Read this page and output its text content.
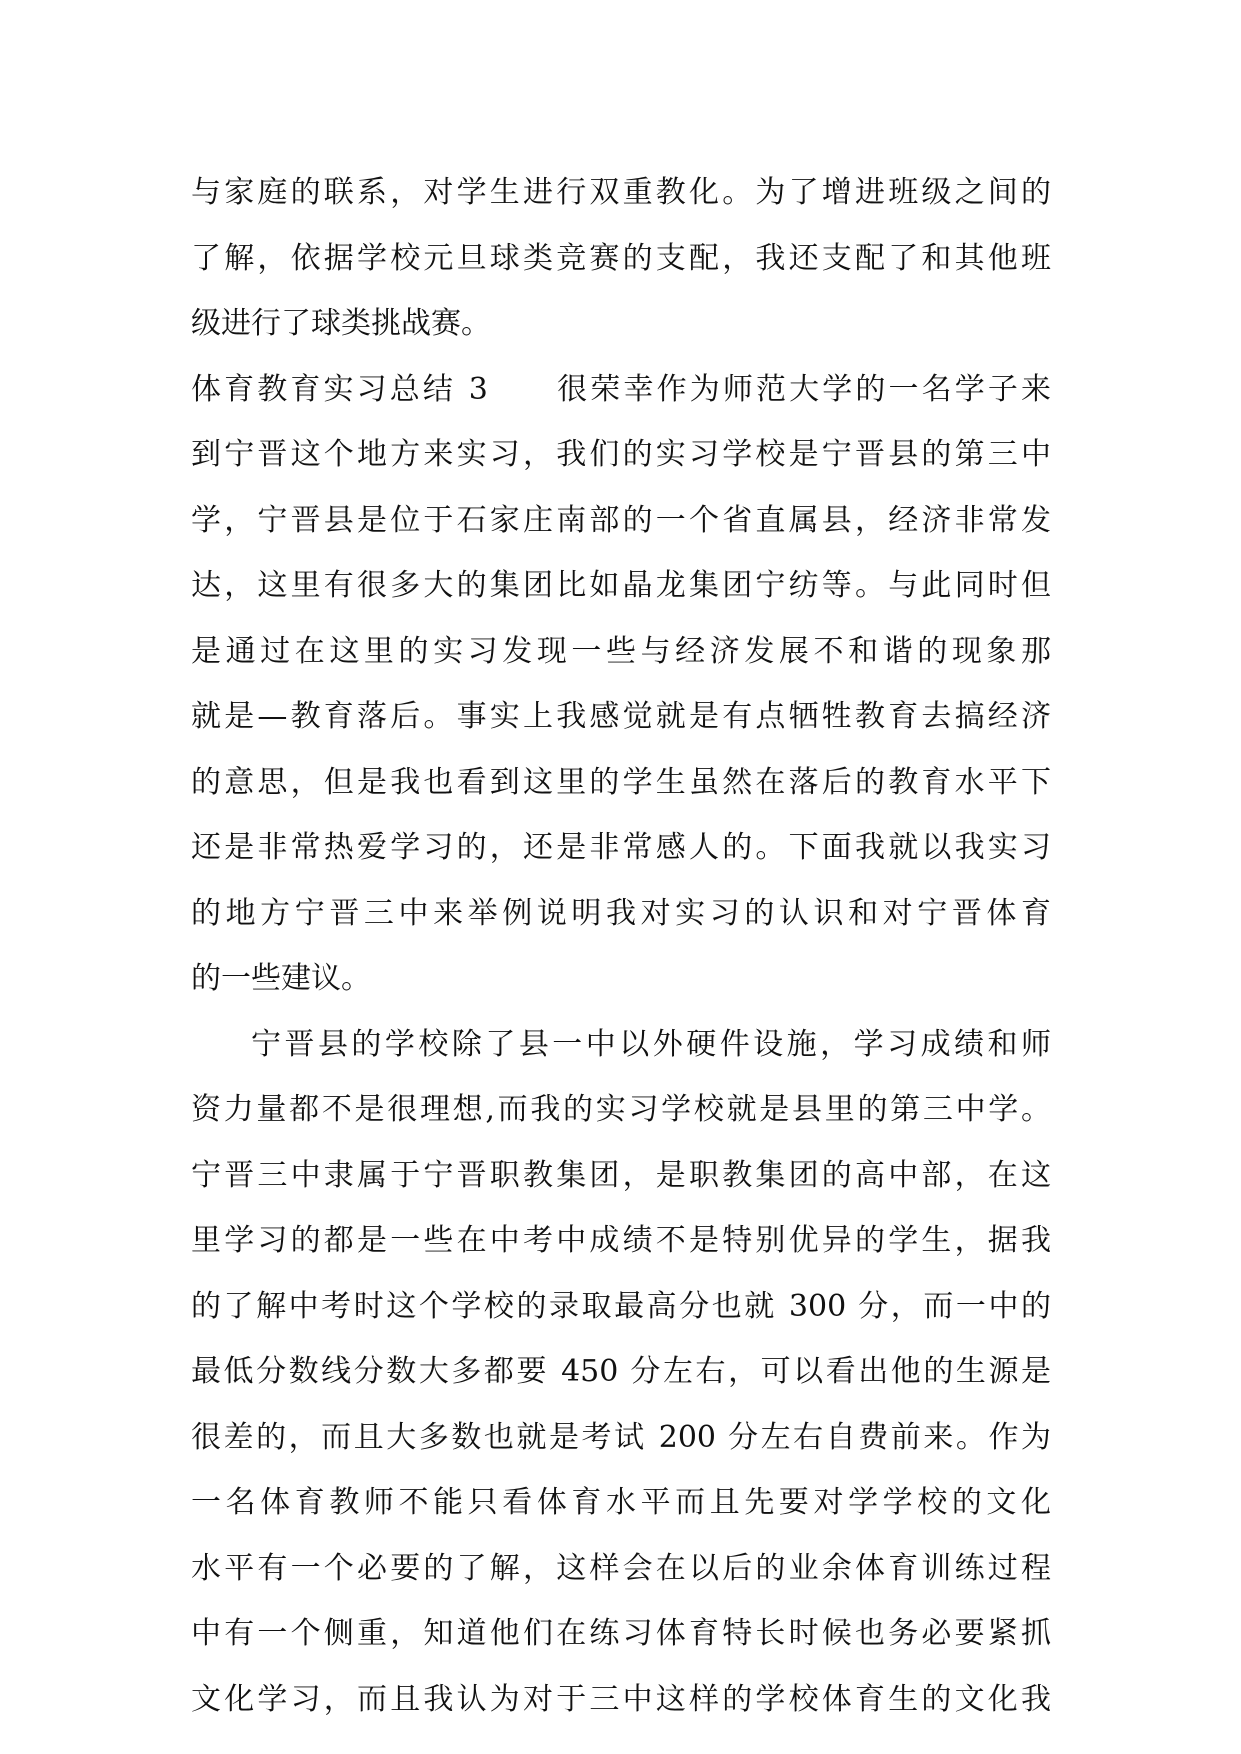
与家庭的联系，对学生进行双重教化。为了增进班级之间的
了解，依据学校元旦球类竞赛的支配，我还支配了和其他班
级进行了球类挑战赛。
体育教育实习总结 3　　很荣幸作为师范大学的一名学子来
到宁晋这个地方来实习，我们的实习学校是宁晋县的第三中
学，宁晋县是位于石家庄南部的一个省直属县，经济非常发
达，这里有很多大的集团比如晶龙集团宁纺等。与此同时但
是通过在这里的实习发现一些与经济发展不和谐的现象那
就是—教育落后。事实上我感觉就是有点牺牲教育去搞经济
的意思，但是我也看到这里的学生虽然在落后的教育水平下
还是非常热爱学习的，还是非常感人的。下面我就以我实习
的地方宁晋三中来举例说明我对实习的认识和对宁晋体育
的一些建议。
宁晋县的学校除了县一中以外硬件设施，学习成绩和师
资力量都不是很理想,而我的实习学校就是县里的第三中学。
宁晋三中隶属于宁晋职教集团，是职教集团的高中部，在这
里学习的都是一些在中考中成绩不是特别优异的学生，据我
的了解中考时这个学校的录取最高分也就 300 分，而一中的
最低分数线分数大多都要 450 分左右，可以看出他的生源是
很差的，而且大多数也就是考试 200 分左右自费前来。作为
一名体育教师不能只看体育水平而且先要对学学校的文化
水平有一个必要的了解，这样会在以后的业余体育训练过程
中有一个侧重，知道他们在练习体育特长时候也务必要紧抓
文化学习，而且我认为对于三中这样的学校体育生的文化我
